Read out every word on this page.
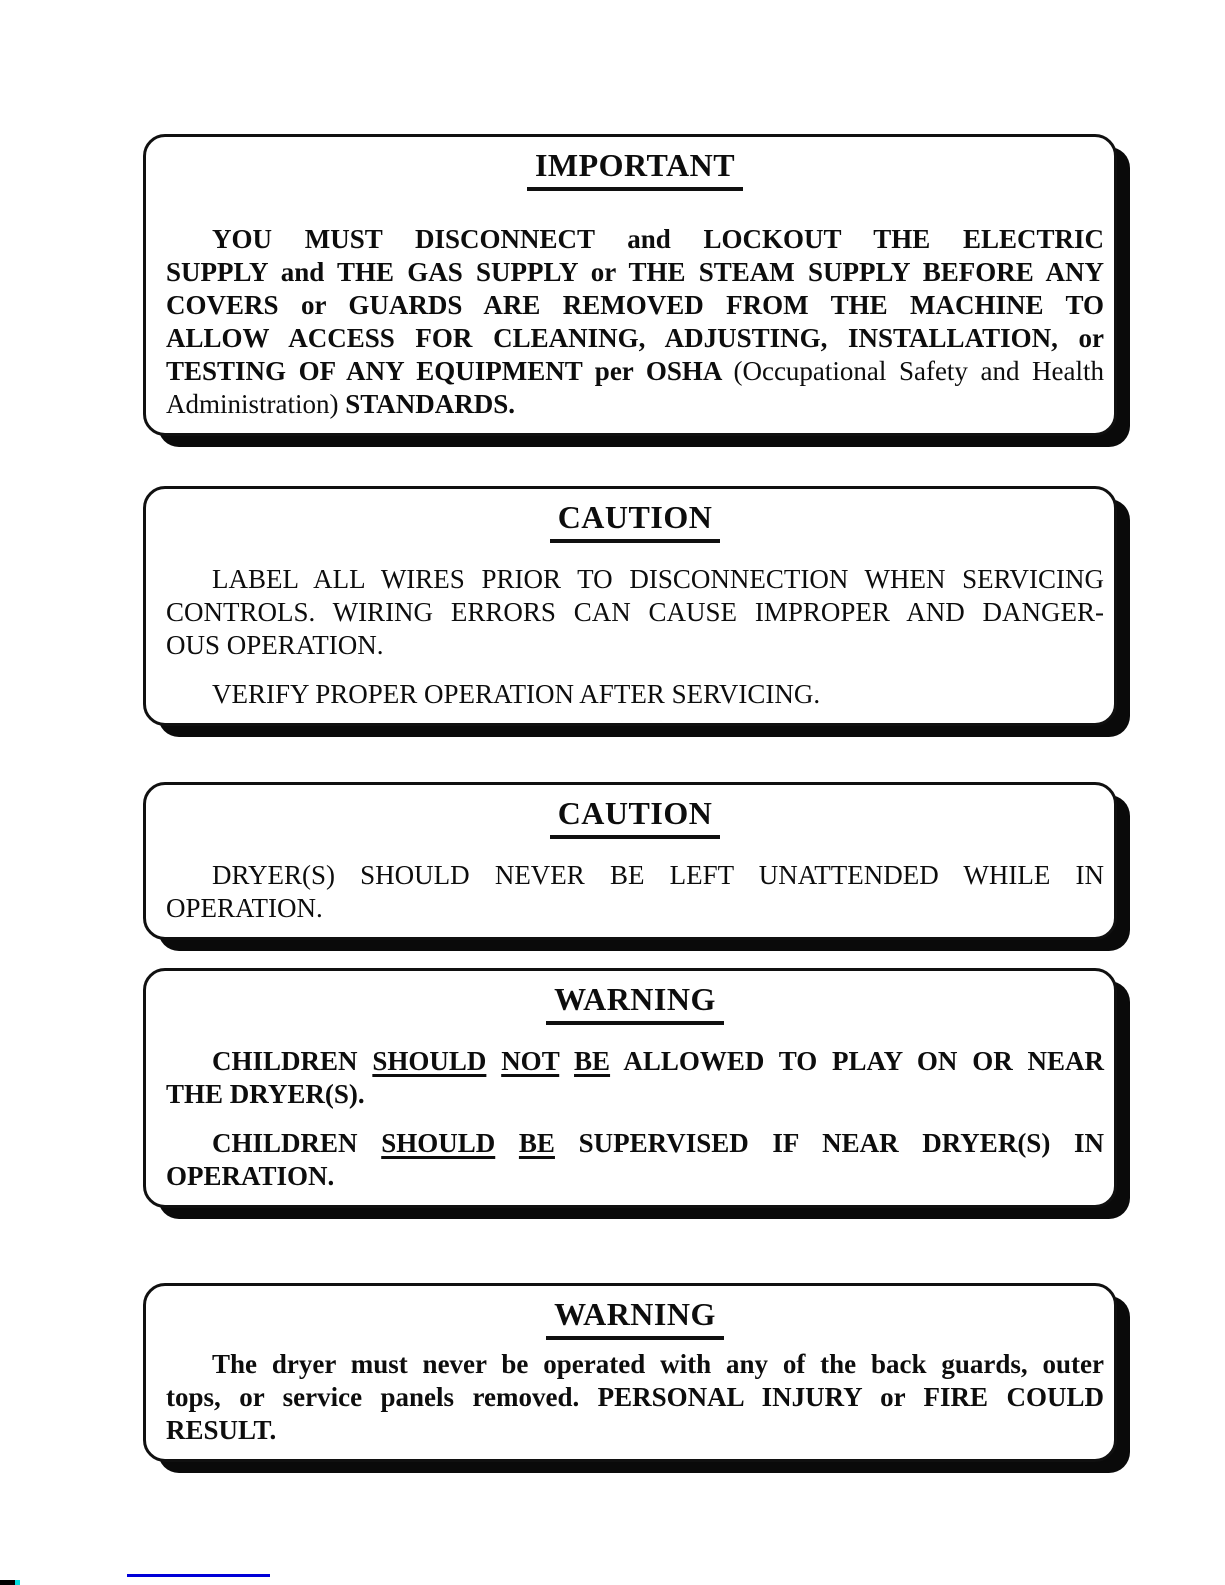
IMPORTANT

YOU MUST DISCONNECT and LOCKOUT THE ELECTRIC
SUPPLY and THE GAS SUPPLY or THE STEAM SUPPLY BEFORE ANY
COVERS or GUARDS ARE REMOVED FROM THE MACHINE TO
ALLOW ACCESS FOR CLEANING, ADJUSTING, INSTALLATION, or
TESTING OF ANY EQUIPMENT per OSHA (Occupational Safety and Health
Administration) STANDARDS.

CAUTION

LABEL ALL WIRES PRIOR TO DISCONNECTION WHEN SERVICING
CONTROLS. WIRING ERRORS CAN CAUSE IMPROPER AND DANGER-
OUS OPERATION.

VERIFY PROPER OPERATION AFTER SERVICING.

CAUTION

DRYER(S) SHOULD NEVER BE LEFT UNATTENDED WHILE IN
OPERATION.

WARNING

CHILDREN SHOULD NOT BE ALLOWED TO PLAY ON OR NEAR
THE DRYER(S).

CHILDREN SHOULD BE SUPERVISED IF NEAR DRYER(S) IN
OPERATION.

WARNING

The dryer must never be operated with any of the back guards, outer
tops, or service panels removed. PERSONAL INJURY or FIRE COULD
RESULT.
